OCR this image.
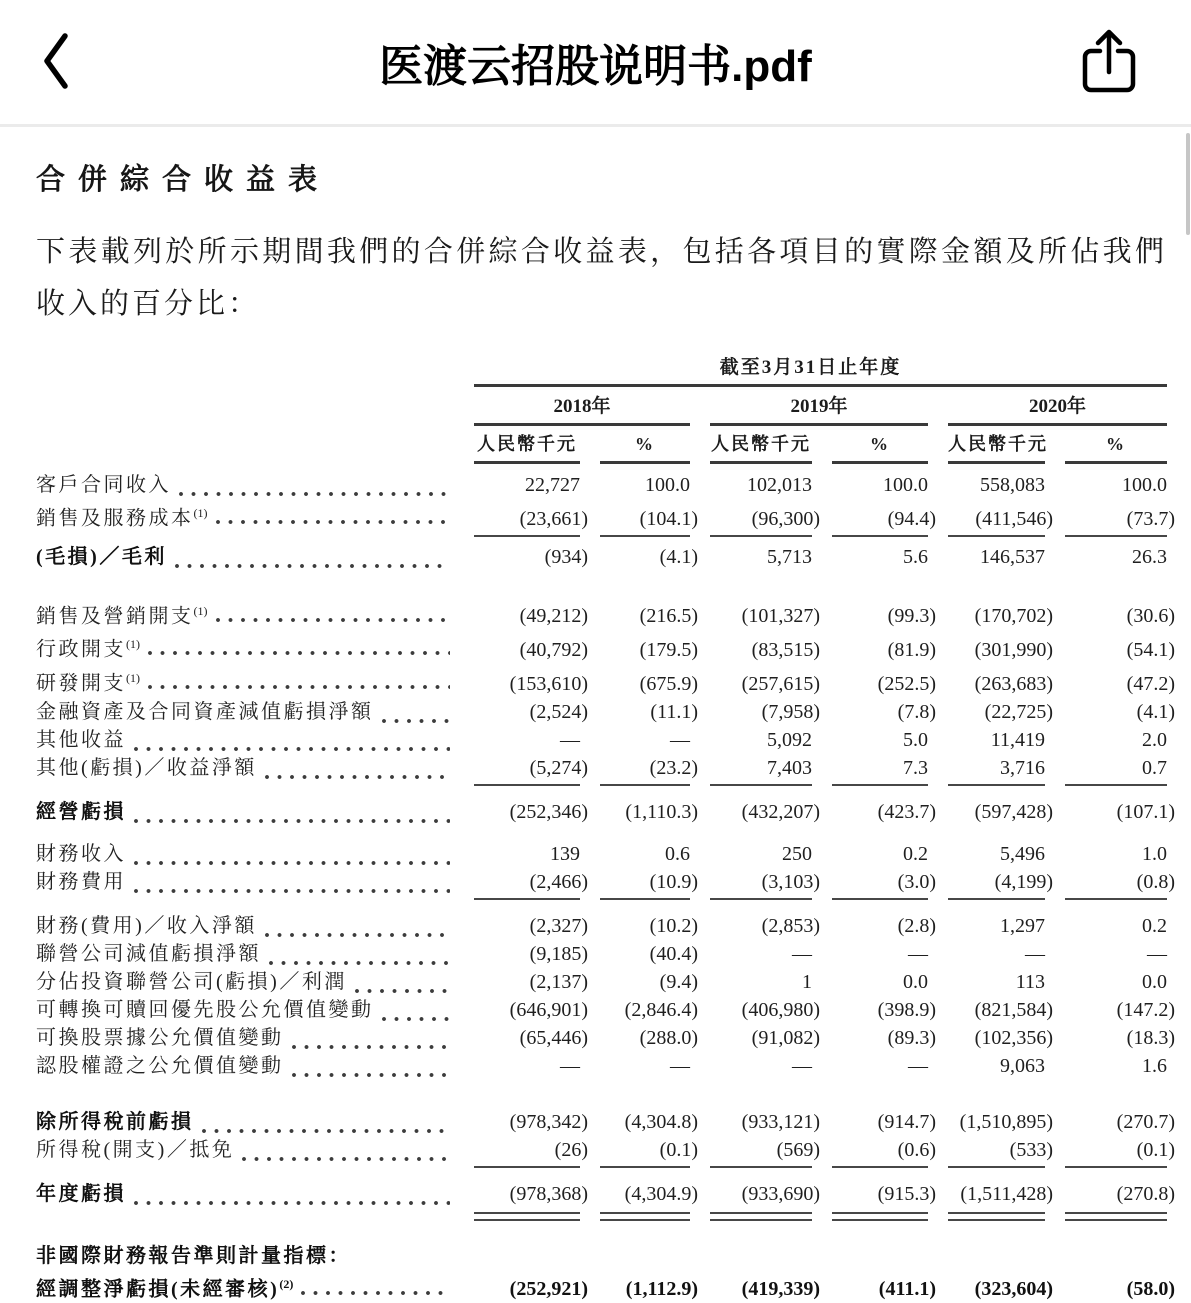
医渡云招股说明书.pdf
合併綜合收益表

下表載列於所示期間我們的合併綜合收益表，包括各項目的實際金額及所佔我們收入的百分比：

截至3月31日止年度
2018年	2019年	2020年
人民幣千元	%	人民幣千元	%	人民幣千元	%
客戶合同收入	22,727	100.0	102,013	100.0	558,083	100.0
銷售及服務成本$^{(1)}$	(23,661)	(104.1)	(96,300)	(94.4)	(411,546)	(73.7)
(毛損)／毛利	(934)	(4.1)	5,713	5.6	146,537	26.3
銷售及營銷開支$^{(1)}$	(49,212)	(216.5)	(101,327)	(99.3)	(170,702)	(30.6)
行政開支$^{(1)}$	(40,792)	(179.5)	(83,515)	(81.9)	(301,990)	(54.1)
研發開支$^{(1)}$	(153,610)	(675.9)	(257,615)	(252.5)	(263,683)	(47.2)
金融資產及合同資產減值虧損淨額	(2,524)	(11.1)	(7,958)	(7.8)	(22,725)	(4.1)
其他收益	—	—	5,092	5.0	11,419	2.0
其他(虧損)／收益淨額	(5,274)	(23.2)	7,403	7.3	3,716	0.7
經營虧損	(252,346)	(1,110.3)	(432,207)	(423.7)	(597,428)	(107.1)
財務收入	139	0.6	250	0.2	5,496	1.0
財務費用	(2,466)	(10.9)	(3,103)	(3.0)	(4,199)	(0.8)
財務(費用)／收入淨額	(2,327)	(10.2)	(2,853)	(2.8)	1,297	0.2
聯營公司減值虧損淨額	(9,185)	(40.4)	—	—	—	—
分佔投資聯營公司(虧損)／利潤	(2,137)	(9.4)	1	0.0	113	0.0
可轉換可贖回優先股公允價值變動	(646,901)	(2,846.4)	(406,980)	(398.9)	(821,584)	(147.2)
可換股票據公允價值變動	(65,446)	(288.0)	(91,082)	(89.3)	(102,356)	(18.3)
認股權證之公允價值變動	—	—	—	—	9,063	1.6
除所得稅前虧損	(978,342)	(4,304.8)	(933,121)	(914.7)	(1,510,895)	(270.7)
所得稅(開支)／抵免	(26)	(0.1)	(569)	(0.6)	(533)	(0.1)
年度虧損	(978,368)	(4,304.9)	(933,690)	(915.3)	(1,511,428)	(270.8)
非國際財務報告準則計量指標：
經調整淨虧損(未經審核)$^{(2)}$	(252,921)	(1,112.9)	(419,339)	(411.1)	(323,604)	(58.0)
